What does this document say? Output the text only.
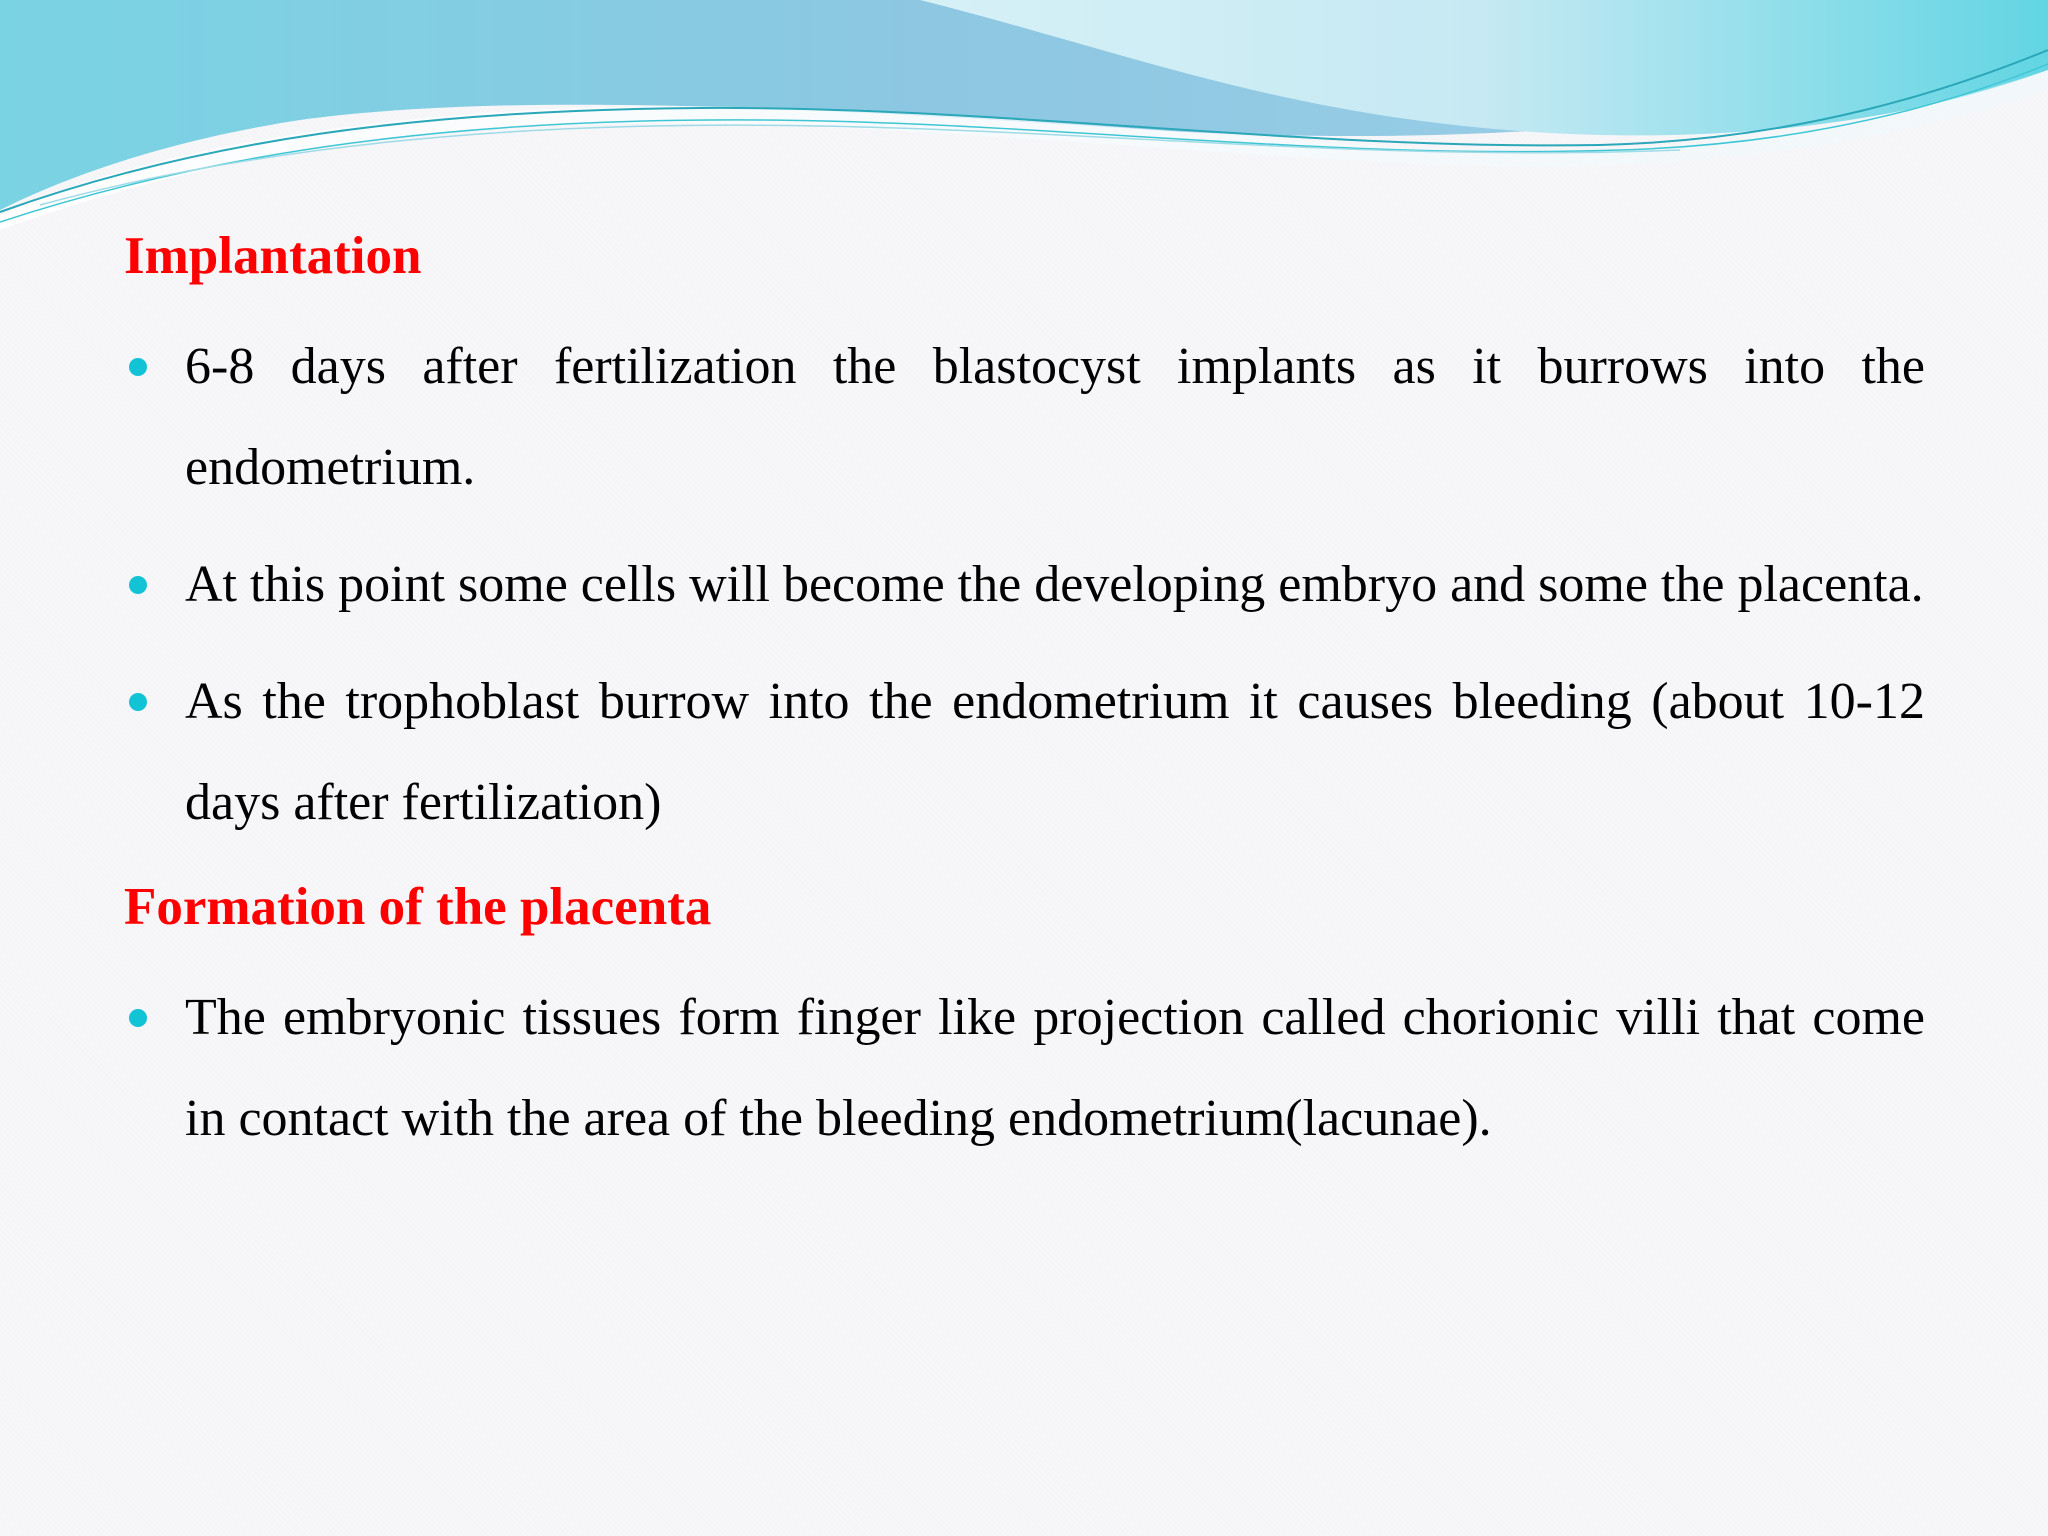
Implantation
6-8 days after fertilization the blastocyst implants as it burrows into the endometrium.
At this point some cells will become the developing embryo and some the placenta.
As the trophoblast burrow into the endometrium it causes bleeding (about 10-12 days after fertilization)
Formation of the placenta
The embryonic tissues form finger like projection called chorionic villi that come in contact with the area of the bleeding endometrium(lacunae).
